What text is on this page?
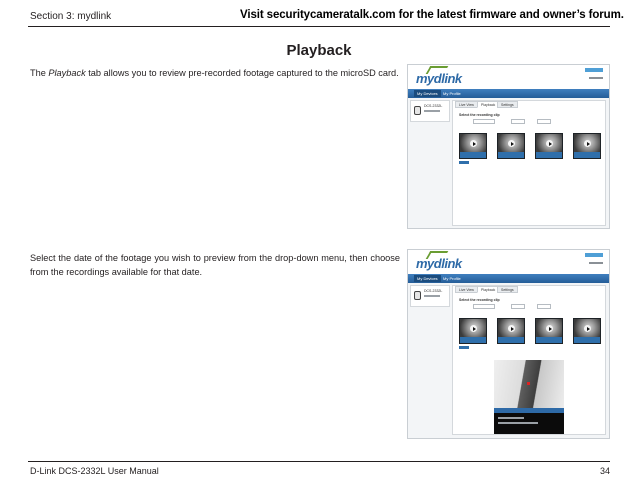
Section 3: mydlink	Visit securitycameratalk.com for the latest firmware and owner’s forum.
Playback

The Playback tab allows you to review pre-recorded footage captured to the microSD card.

Select the date of the footage you wish to preview from the drop-down menu, then choose from the recordings available for that date.

mydlink
My Devices	My Profile
DCS-2332L	Live View	Playback	Settings
Select the recording clip
mydlink
My Devices	My Profile
DCS-2332L	Live View	Playback	Settings
Select the recording clip
D-Link DCS-2332L User Manual	34
